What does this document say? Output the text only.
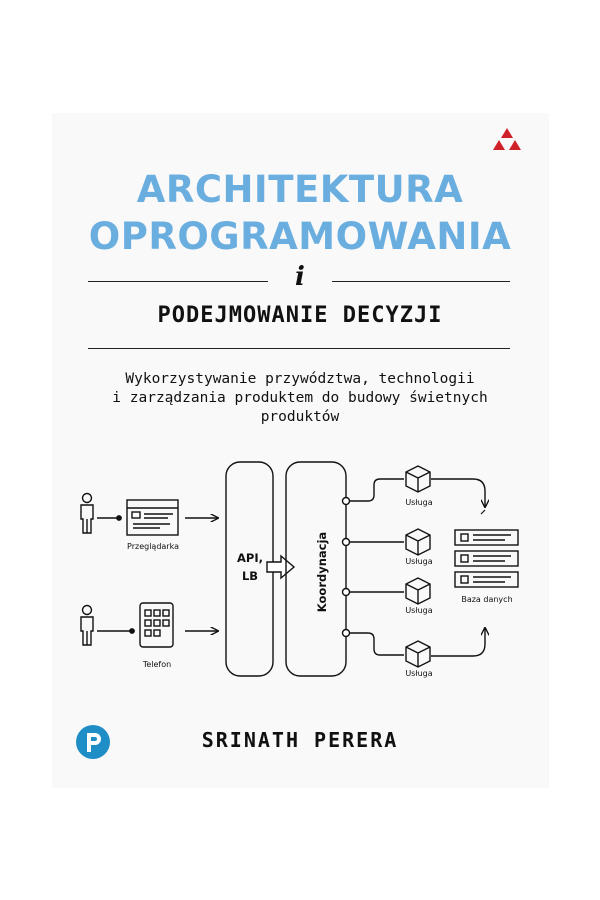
ARCHITEKTURA
OPROGRAMOWANIA
i
PODEJMOWANIE DECYZJI
Wykorzystywanie przywództwa, technologii
i zarządzania produktem do budowy świetnych
produktów
Przeglądarka
Telefon
API,
LB	Koordynacja
Usługa
Usługa
Usługa
Usługa
Baza danych
SRINATH PERERA
